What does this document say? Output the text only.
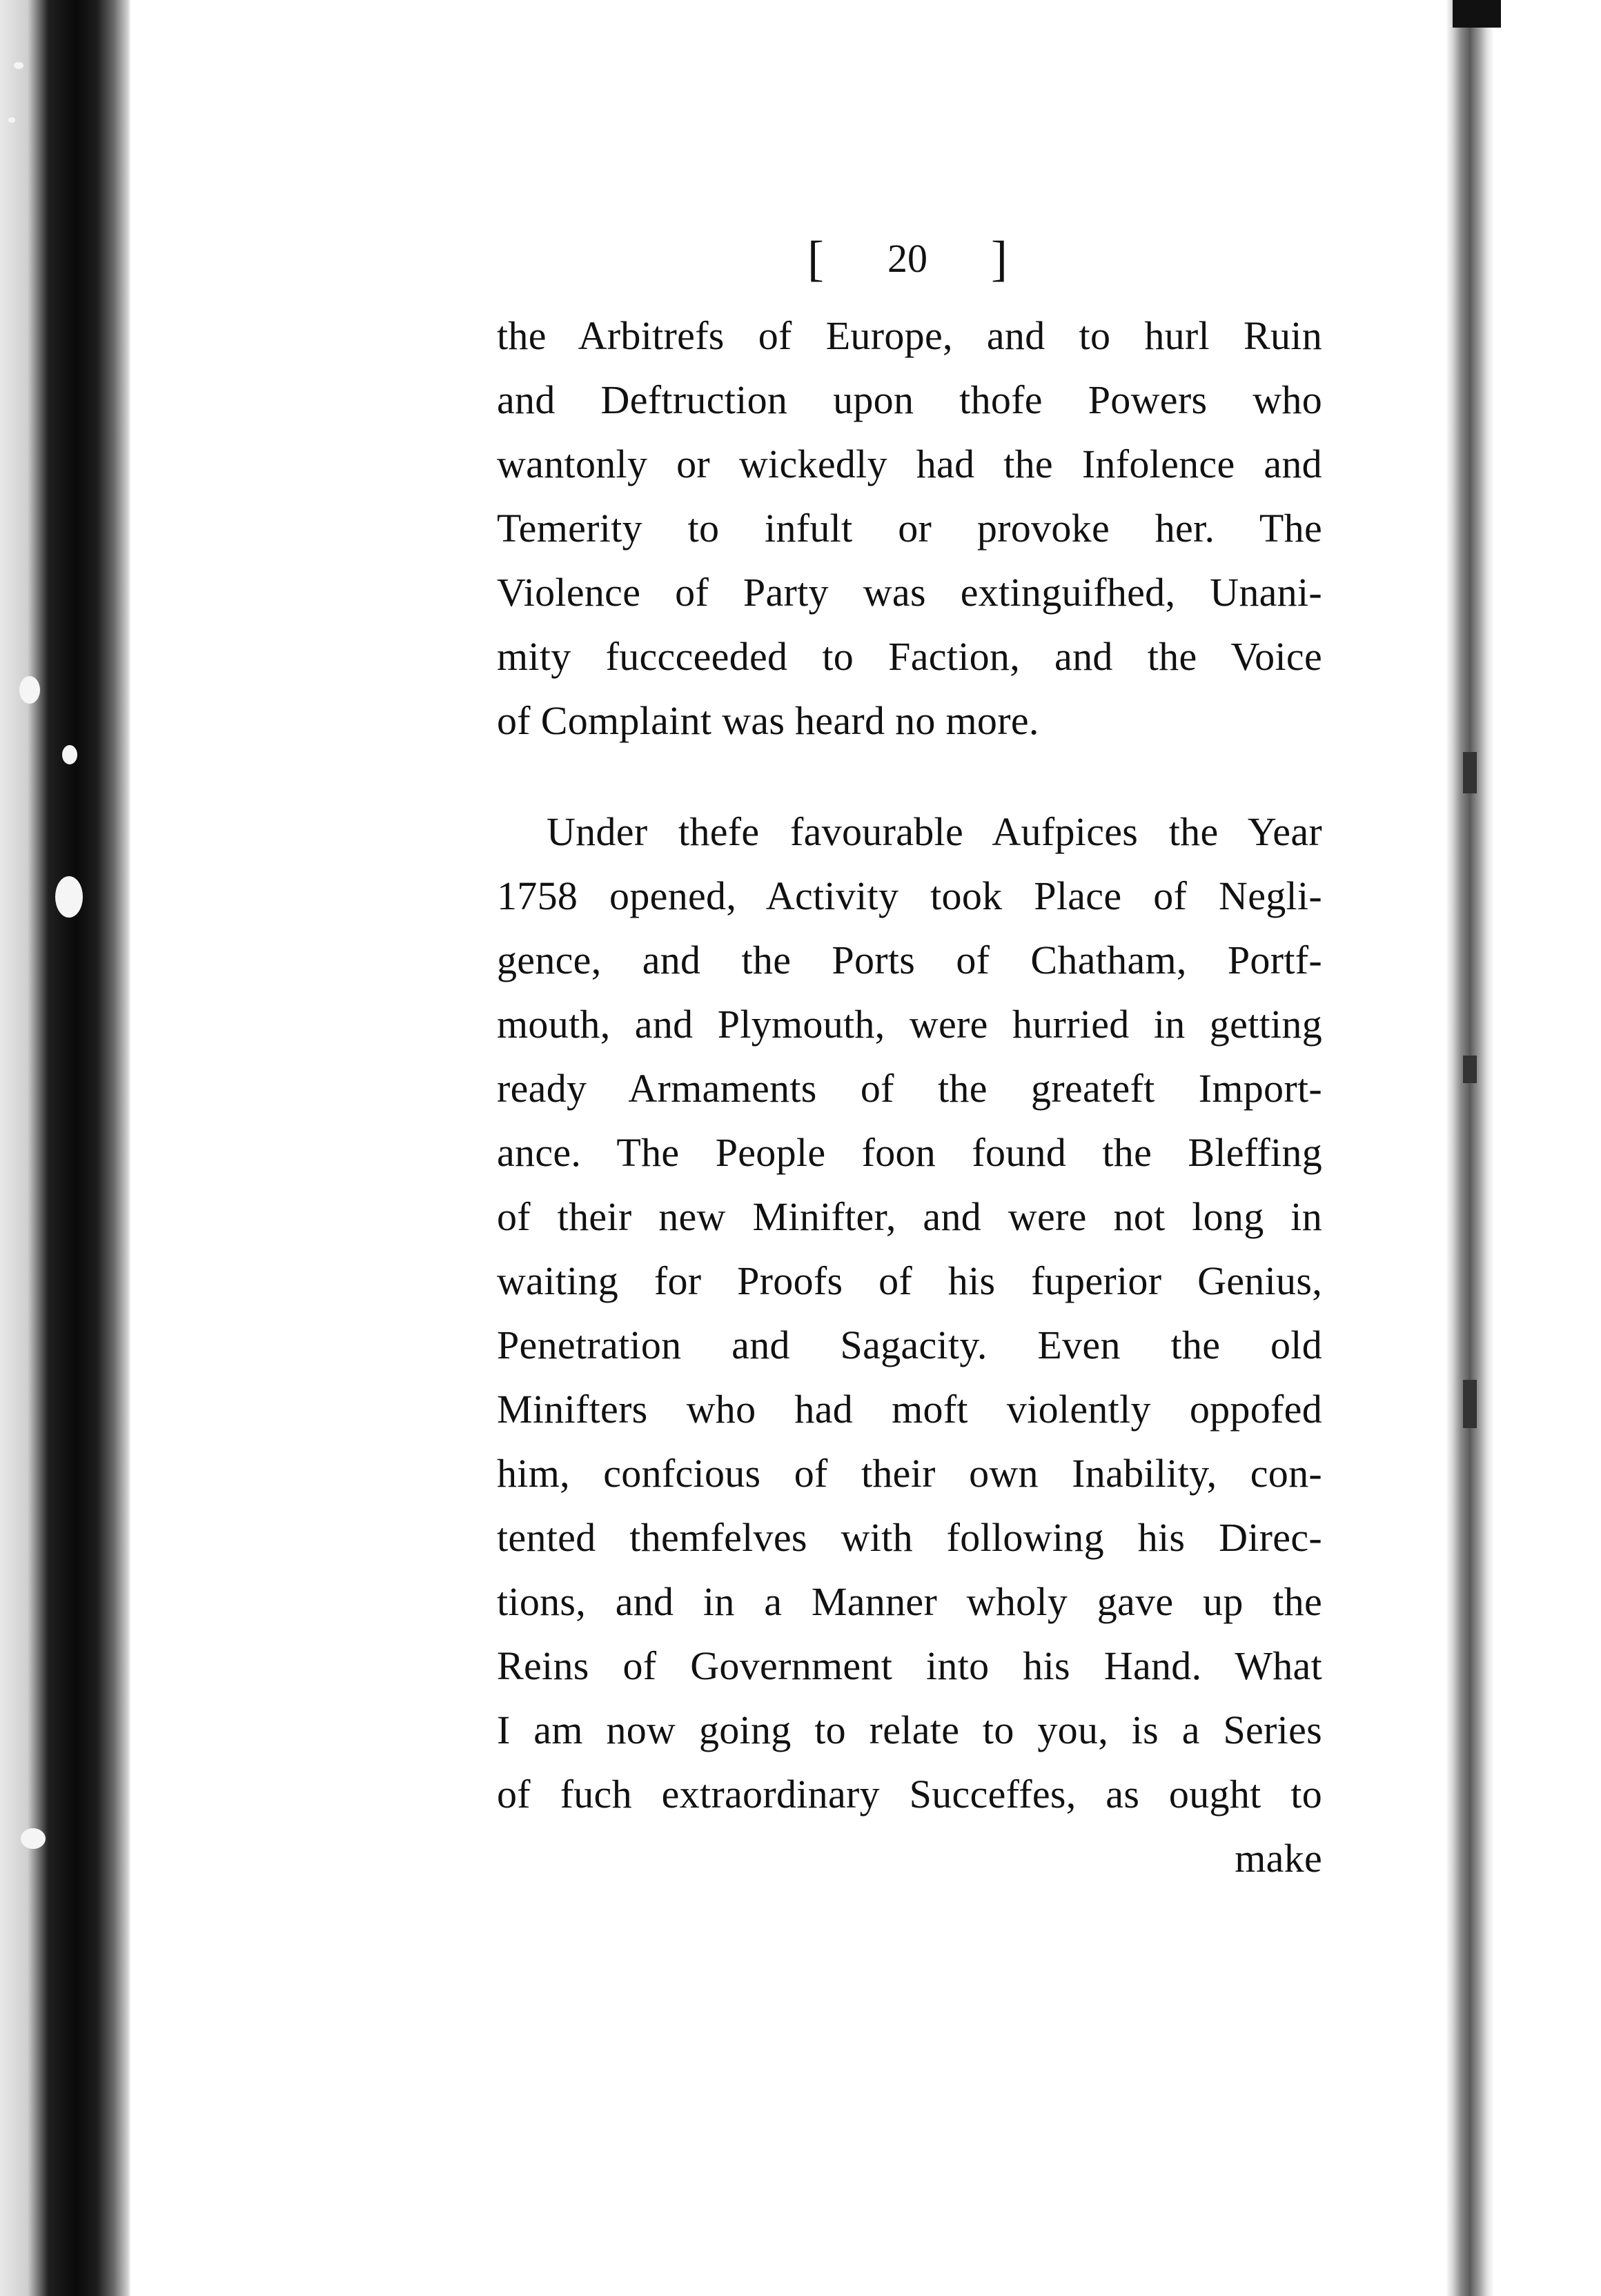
[ 20 ]
the Arbitrefs of Europe, and to hurl Ruin
and Deftruction upon thofe Powers who
wantonly or wickedly had the Infolence and
Temerity to infult or provoke her. The
Violence of Party was extinguifhed, Unani-
mity fuccceeded to Faction, and the Voice
of Complaint was heard no more.
Under thefe favourable Aufpices the Year
1758 opened, Activity took Place of Negli-
gence, and the Ports of Chatham, Portf-
mouth, and Plymouth, were hurried in getting
ready Armaments of the greateft Import-
ance. The People foon found the Bleffing
of their new Minifter, and were not long in
waiting for Proofs of his fuperior Genius,
Penetration and Sagacity. Even the old
Minifters who had moft violently oppofed
him, confcious of their own Inability, con-
tented themfelves with following his Direc-
tions, and in a Manner wholy gave up the
Reins of Government into his Hand. What
I am now going to relate to you, is a Series
of fuch extraordinary Succeffes, as ought to
make
